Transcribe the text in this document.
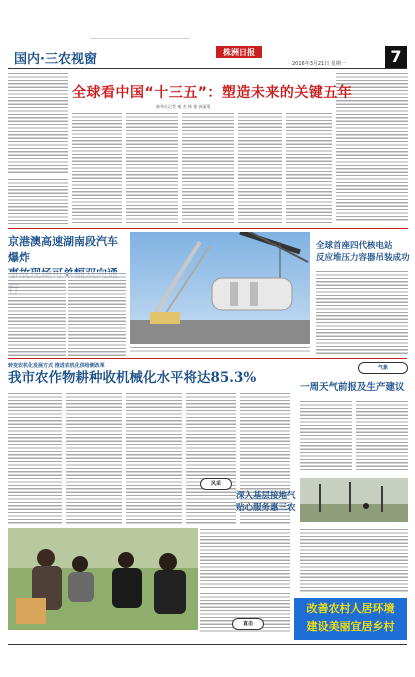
国内·三农视窗	株洲日报
2016年3月21日 星期一	7
全球看中国“十三五”：塑造未来的关键五年
新华社记者 秦 杰 林 建 郭丽琨
京港澳高速湖南段汽车爆炸
全球首座四代核电站
反应堆压力容器吊装成功
转变农机化发展方式 推进农机化供给侧改革
我市农作物耕种收机械化水平将达85.3%
风采
深入基层接地气
贴心服务惠三农
气象
一周天气前报及生产建议
直击
改善农村人居环境
建设美丽宜居乡村
